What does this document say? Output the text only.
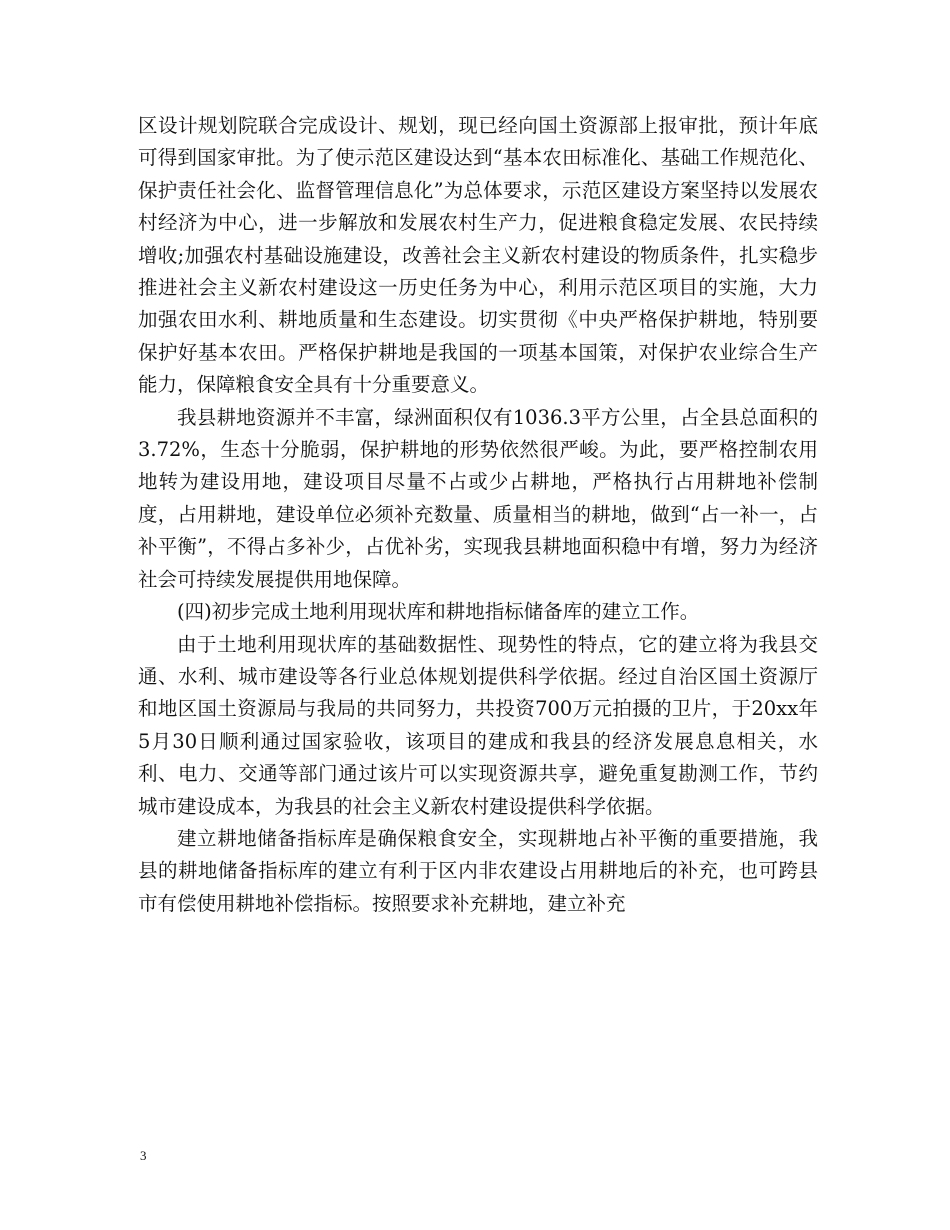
区设计规划院联合完成设计、规划，现已经向国土资源部上报审批，预计年底可得到国家审批。为了使示范区建设达到“基本农田标准化、基础工作规范化、保护责任社会化、监督管理信息化”为总体要求，示范区建设方案坚持以发展农村经济为中心，进一步解放和发展农村生产力，促进粮食稳定发展、农民持续增收;加强农村基础设施建设，改善社会主义新农村建设的物质条件，扎实稳步推进社会主义新农村建设这一历史任务为中心，利用示范区项目的实施，大力加强农田水利、耕地质量和生态建设。切实贯彻《中央严格保护耕地，特别要保护好基本农田。严格保护耕地是我国的一项基本国策，对保护农业综合生产能力，保障粮食安全具有十分重要意义。

我县耕地资源并不丰富，绿洲面积仅有1036.3平方公里，占全县总面积的3.72%，生态十分脆弱，保护耕地的形势依然很严峻。为此，要严格控制农用地转为建设用地，建设项目尽量不占或少占耕地，严格执行占用耕地补偿制度，占用耕地，建设单位必须补充数量、质量相当的耕地，做到“占一补一，占补平衡”，不得占多补少，占优补劣，实现我县耕地面积稳中有增，努力为经济社会可持续发展提供用地保障。

(四)初步完成土地利用现状库和耕地指标储备库的建立工作。

由于土地利用现状库的基础数据性、现势性的特点，它的建立将为我县交通、水利、城市建设等各行业总体规划提供科学依据。经过自治区国土资源厅和地区国土资源局与我局的共同努力，共投资700万元拍摄的卫片，于20xx年5月30日顺利通过国家验收，该项目的建成和我县的经济发展息息相关，水利、电力、交通等部门通过该片可以实现资源共享，避免重复勘测工作，节约城市建设成本，为我县的社会主义新农村建设提供科学依据。

建立耕地储备指标库是确保粮食安全，实现耕地占补平衡的重要措施，我县的耕地储备指标库的建立有利于区内非农建设占用耕地后的补充，也可跨县市有偿使用耕地补偿指标。按照要求补充耕地，建立补充

3
